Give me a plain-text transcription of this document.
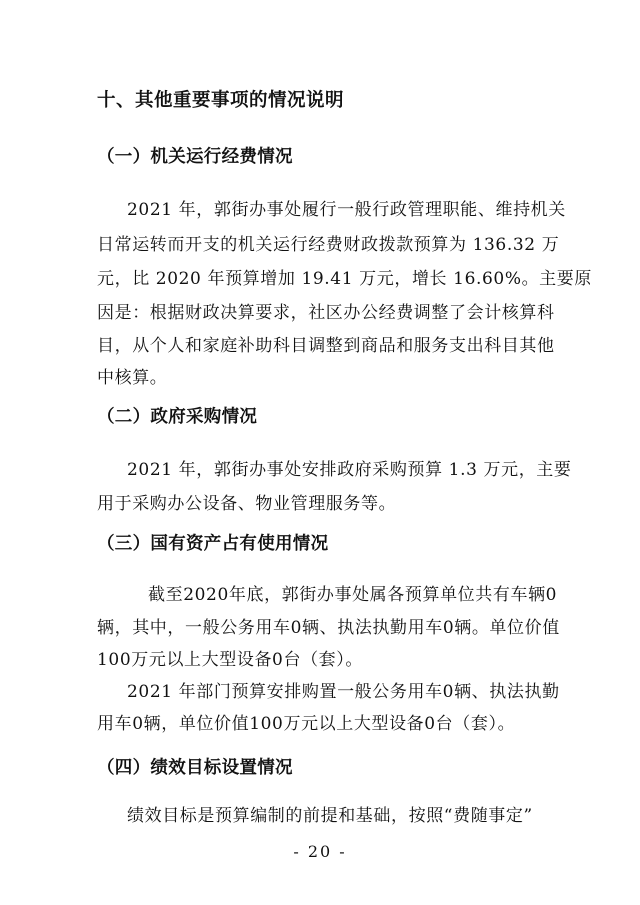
十、其他重要事项的情况说明
（一）机关运行经费情况
2021 年，郭街办事处履行一般行政管理职能、维持机关
日常运转而开支的机关运行经费财政拨款预算为 136.32 万
元，比 2020 年预算增加 19.41 万元，增长 16.60%。主要原
因是：根据财政决算要求，社区办公经费调整了会计核算科
目，从个人和家庭补助科目调整到商品和服务支出科目其他
中核算。
（二）政府采购情况
2021 年，郭街办事处安排政府采购预算 1.3 万元，主要
用于采购办公设备、物业管理服务等。
（三）国有资产占有使用情况
截至2020年底，郭街办事处属各预算单位共有车辆0
辆，其中，一般公务用车0辆、执法执勤用车0辆。单位价值
100万元以上大型设备0台（套）。
2021 年部门预算安排购置一般公务用车0辆、执法执勤
用车0辆，单位价值100万元以上大型设备0台（套）。
（四）绩效目标设置情况
绩效目标是预算编制的前提和基础，按照“费随事定”
- 20 -
